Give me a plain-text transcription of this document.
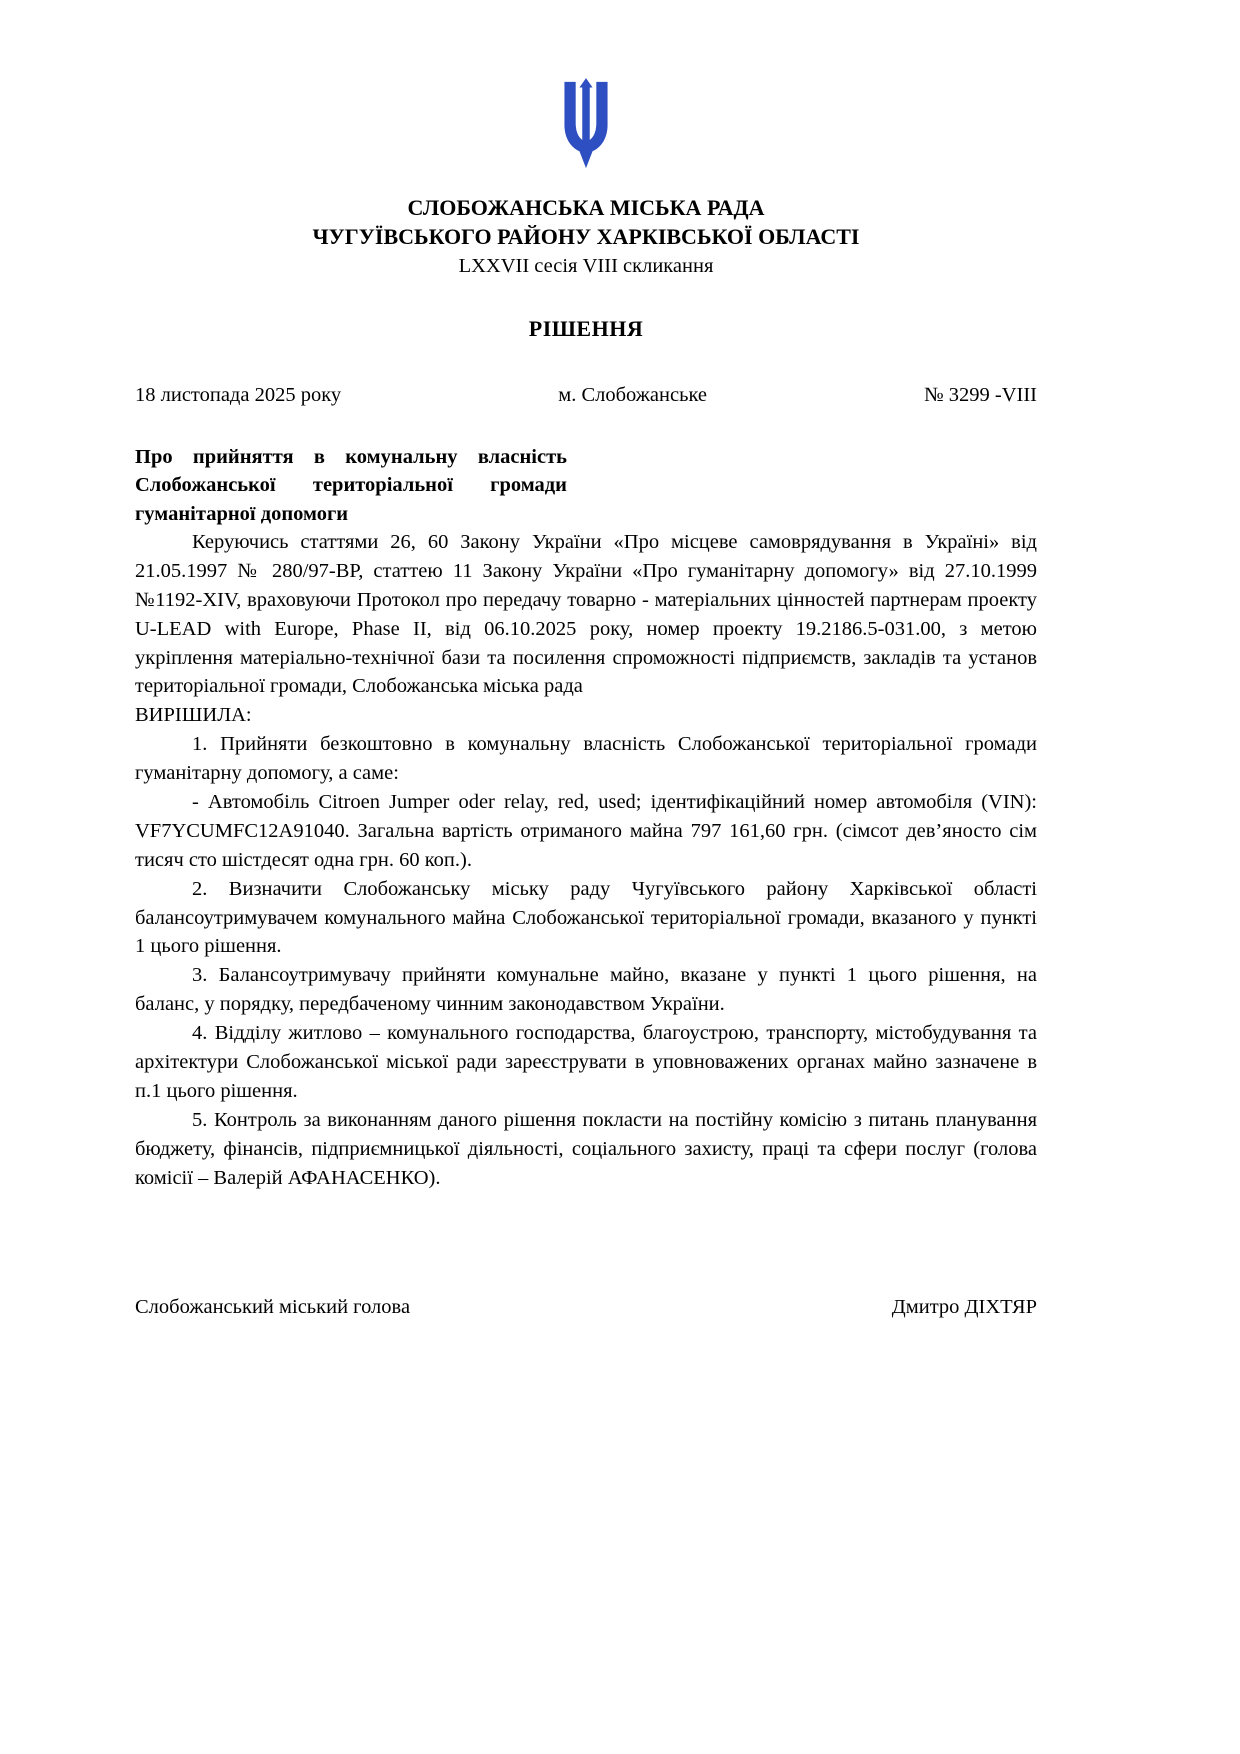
СЛОБОЖАНСЬКА МІСЬКА РАДА
ЧУГУЇВСЬКОГО РАЙОНУ ХАРКІВСЬКОЇ ОБЛАСТІ
LXXVII сесія VIII скликання
РІШЕННЯ
18 листопада 2025 року	м. Слобожанське	№ 3299 -VIII

Про прийняття в комунальну власність Слобожанської територіальної громади гуманітарної допомоги

Керуючись статтями 26, 60 Закону України «Про місцеве самоврядування в Україні» від 21.05.1997 № 280/97-ВР, статтею 11 Закону України «Про гуманітарну допомогу» від 27.10.1999 №1192-XIV, враховуючи Протокол про передачу товарно - матеріальних цінностей партнерам проекту U-LEAD with Europe, Phase II, від 06.10.2025 року, номер проекту 19.2186.5-031.00, з метою укріплення матеріально-технічної бази та посилення спроможності підприємств, закладів та установ територіальної громади, Слобожанська міська рада

ВИРІШИЛА:

1. Прийняти безкоштовно в комунальну власність Слобожанської територіальної громади гуманітарну допомогу, а саме:

- Автомобіль Citroen Jumper oder relay, red, used; ідентифікаційний номер автомобіля (VIN): VF7YCUMFC12A91040. Загальна вартість отриманого майна 797 161,60 грн. (сімсот дев’яносто сім тисяч сто шістдесят одна грн. 60 коп.).

2. Визначити Слобожанську міську раду Чугуївського району Харківської області балансоутримувачем комунального майна Слобожанської територіальної громади, вказаного у пункті 1 цього рішення.

3. Балансоутримувачу прийняти комунальне майно, вказане у пункті 1 цього рішення, на баланс, у порядку, передбаченому чинним законодавством України.

4. Відділу житлово – комунального господарства, благоустрою, транспорту, містобудування та архітектури Слобожанської міської ради зареєструвати в уповноважених органах майно зазначене в п.1 цього рішення.

5. Контроль за виконанням даного рішення покласти на постійну комісію з питань планування бюджету, фінансів, підприємницької діяльності, соціального захисту, праці та сфери послуг (голова комісії – Валерій АФАНАСЕНКО).

Слобожанський міський голова	Дмитро ДІХТЯР
